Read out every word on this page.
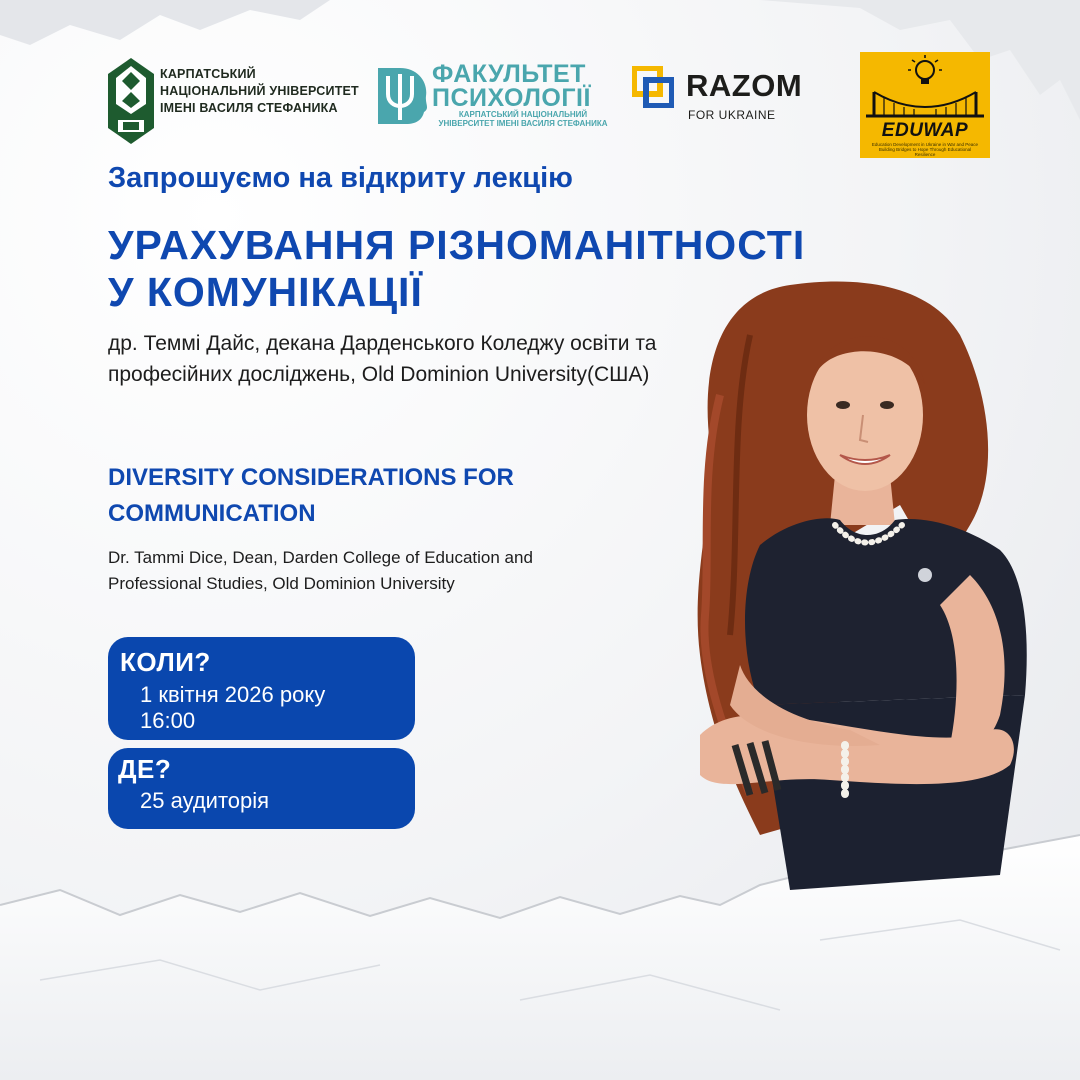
КАРПАТСЬКИЙ
НАЦІОНАЛЬНИЙ УНІВЕРСИТЕТ
ІМЕНІ ВАСИЛЯ СТЕФАНИКА
ФАКУЛЬТЕТ
ПСИХОЛОГІЇ
КАРПАТСЬКИЙ НАЦІОНАЛЬНИЙ
УНІВЕРСИТЕТ ІМЕНІ ВАСИЛЯ СТЕФАНИКА
RAZOM
FOR UKRAINE
EDUWAP
Education Development in Ukraine in War and Peace
Building Bridges to Hope Through Educational Resilience
Запрошуємо на відкриту лекцію
УРАХУВАННЯ РІЗНОМАНІТНОСТІ
У КОМУНІКАЦІЇ
др. Теммі Дайс, декана Дарденського Коледжу освіти та професійних досліджень, Old Dominion University(США)
DIVERSITY CONSIDERATIONS FOR
COMMUNICATION
Dr. Tammi Dice, Dean, Darden College of Education and Professional Studies, Old Dominion University
КОЛИ?
1 квітня 2026 року
16:00
ДЕ?
25 аудиторія
